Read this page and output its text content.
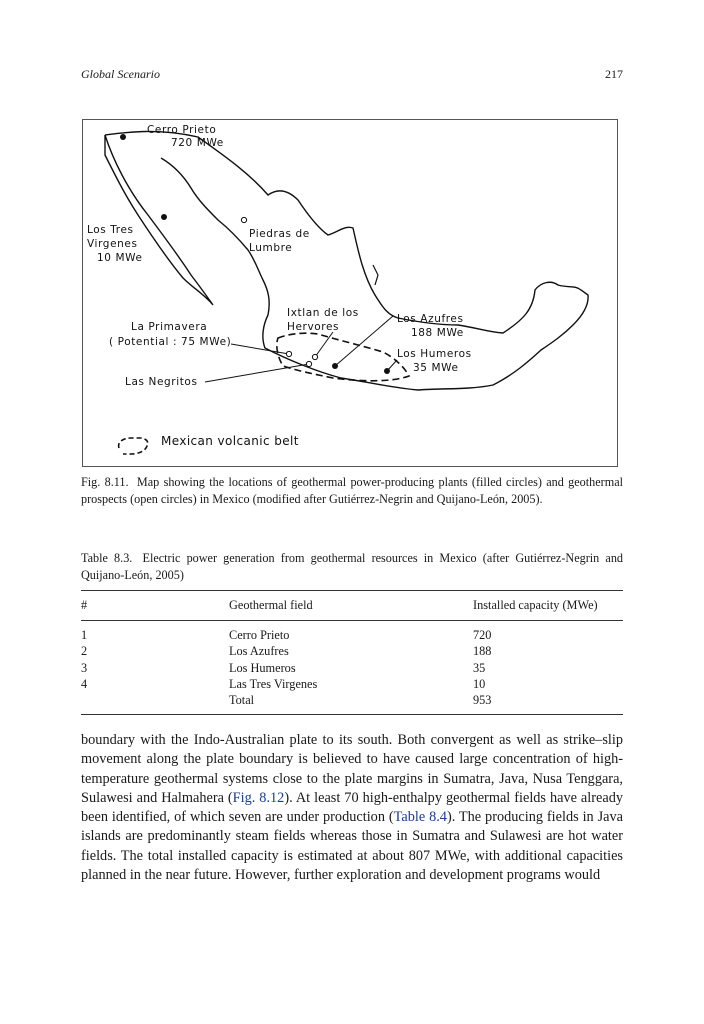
Global Scenario	217
Cerro Prieto
720 MWe
Los Tres
Virgenes
10 MWe
Piedras de
Lumbre
Ixtlan de los
Hervores
Los Azufres
188 MWe
La Primavera
( Potential : 75 MWe)
Los Humeros
35 MWe
Las Negritos
Mexican volcanic belt
Fig. 8.11. Map showing the locations of geothermal power-producing plants (filled circles) and geothermal prospects (open circles) in Mexico (modified after Gutiérrez-Negrin and Quijano-León, 2005).
Table 8.3. Electric power generation from geothermal resources in Mexico (after Gutiérrez-Negrin and Quijano-León, 2005)
#	Geothermal field	Installed capacity (MWe)
1	Cerro Prieto	720
2	Los Azufres	188
3	Los Humeros	35
4	Las Tres Virgenes	10
	Total	953
boundary with the Indo-Australian plate to its south. Both convergent as well as strike–slip movement along the plate boundary is believed to have caused large concentration of high-temperature geothermal systems close to the plate margins in Sumatra, Java, Nusa Tenggara, Sulawesi and Halmahera (Fig. 8.12). At least 70 high-enthalpy geothermal fields have already been identified, of which seven are under production (Table 8.4). The producing fields in Java islands are predominantly steam fields whereas those in Sumatra and Sulawesi are hot water fields. The total installed capacity is estimated at about 807 MWe, with additional capacities planned in the near future. However, further exploration and development programs would
